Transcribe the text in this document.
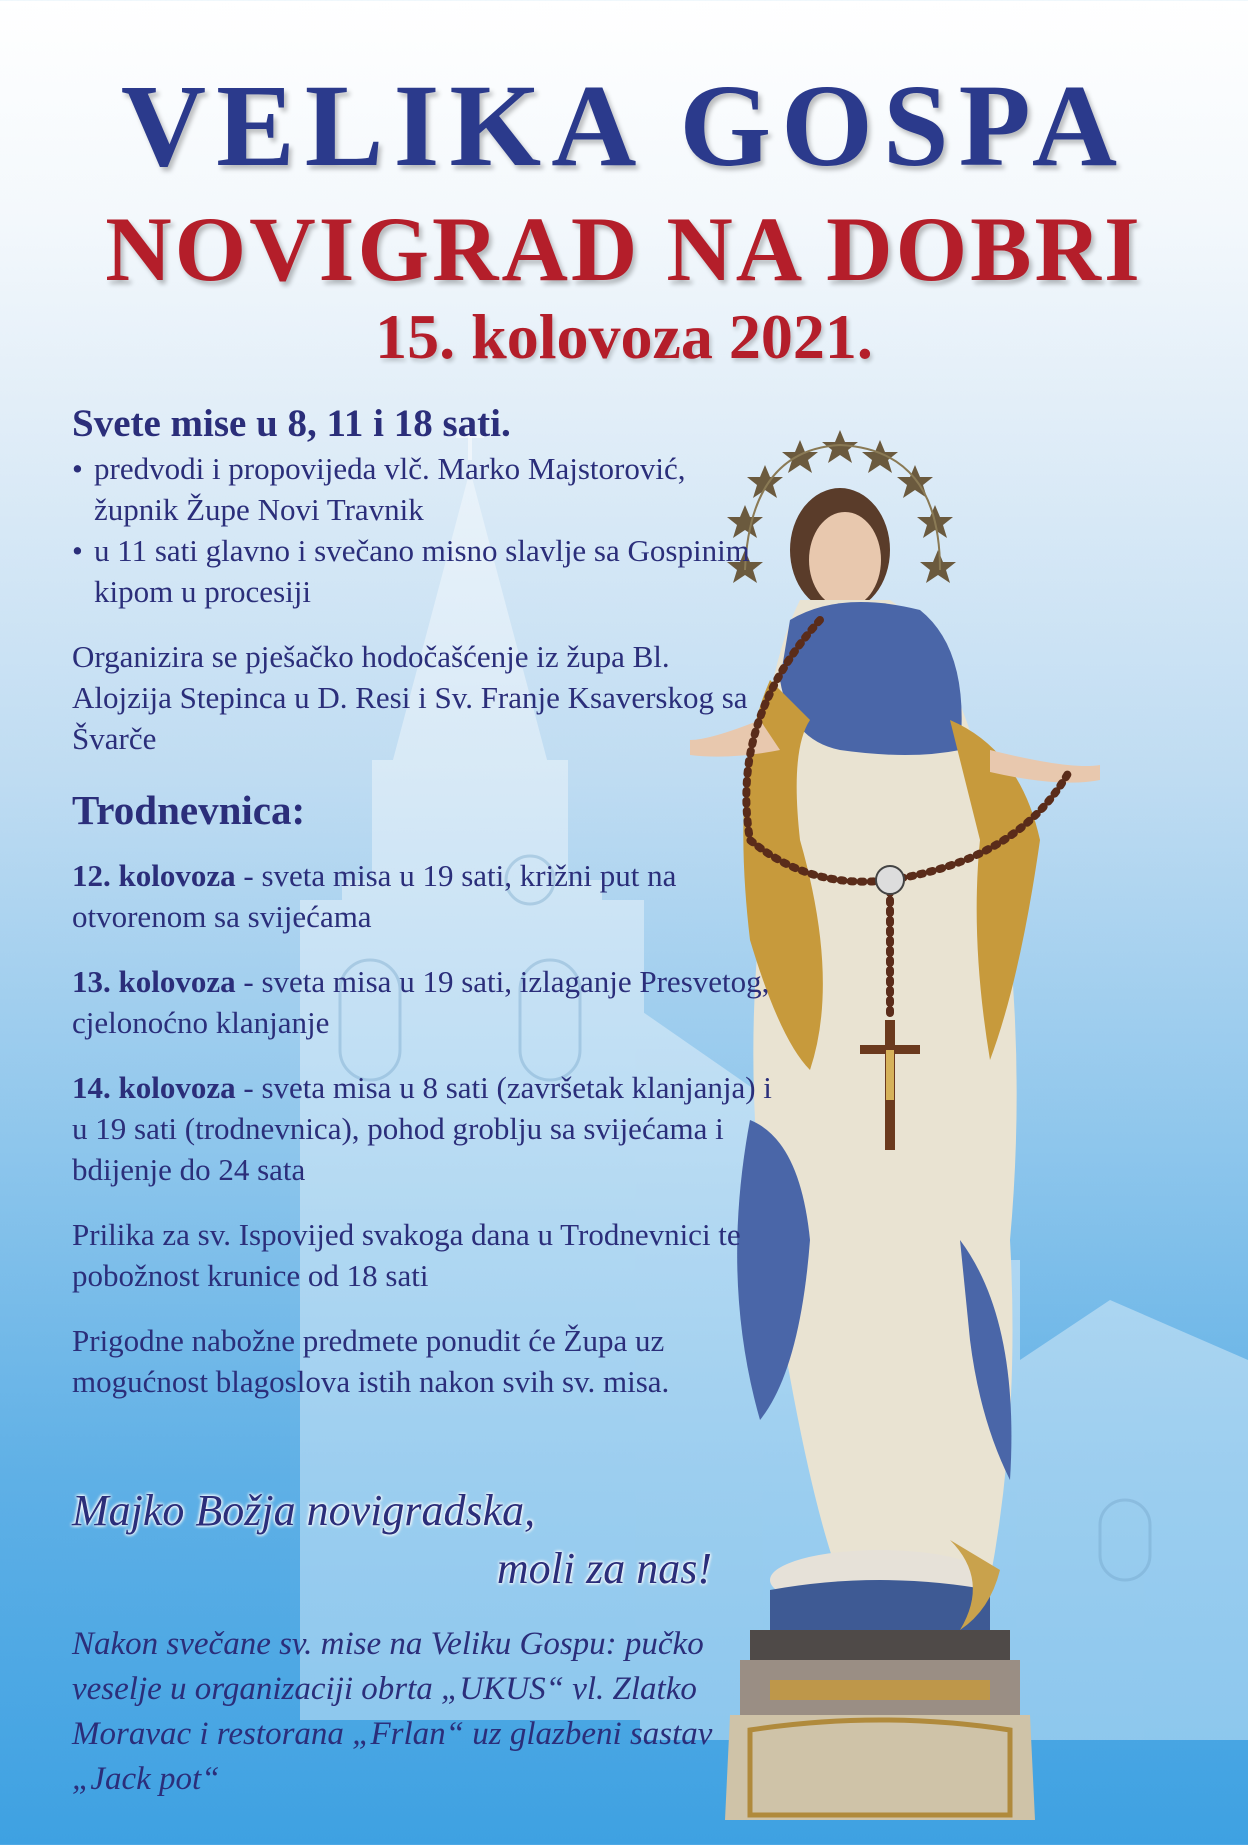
VELIKA GOSPA
NOVIGRAD NA DOBRI
15. kolovoza 2021.
Svete mise u 8, 11 i 18 sati.
• predvodi i propovijeda vlč. Marko Majstorović, župnik Župe Novi Travnik
• u 11 sati glavno i svečano misno slavlje sa Gospinim kipom u procesiji
Organizira se pješačko hodočašćenje iz župa Bl. Alojzija Stepinca u D. Resi i Sv. Franje Ksaverskog sa Švarče
Trodnevnica:
12. kolovoza - sveta misa u 19 sati, križni put na otvorenom sa svijećama
13. kolovoza - sveta misa u 19 sati, izlaganje Presvetog, cjelonoćno klanjanje
14. kolovoza - sveta misa u 8 sati (završetak klanjanja) i u 19 sati (trodnevnica), pohod groblju sa svijećama i bdijenje do 24 sata
Prilika za sv. Ispovijed svakoga dana u Trodnevnici te pobožnost krunice od 18 sati
Prigodne nabožne predmete ponudit će Župa uz mogućnost blagoslova istih nakon svih sv. misa.
Majko Božja novigradska,
moli za nas!
Nakon svečane sv. mise na Veliku Gospu: pučko veselje u organizaciji obrta „UKUS“ vl. Zlatko Moravac i restorana „Frlan“ uz glazbeni sastav „Jack pot“
